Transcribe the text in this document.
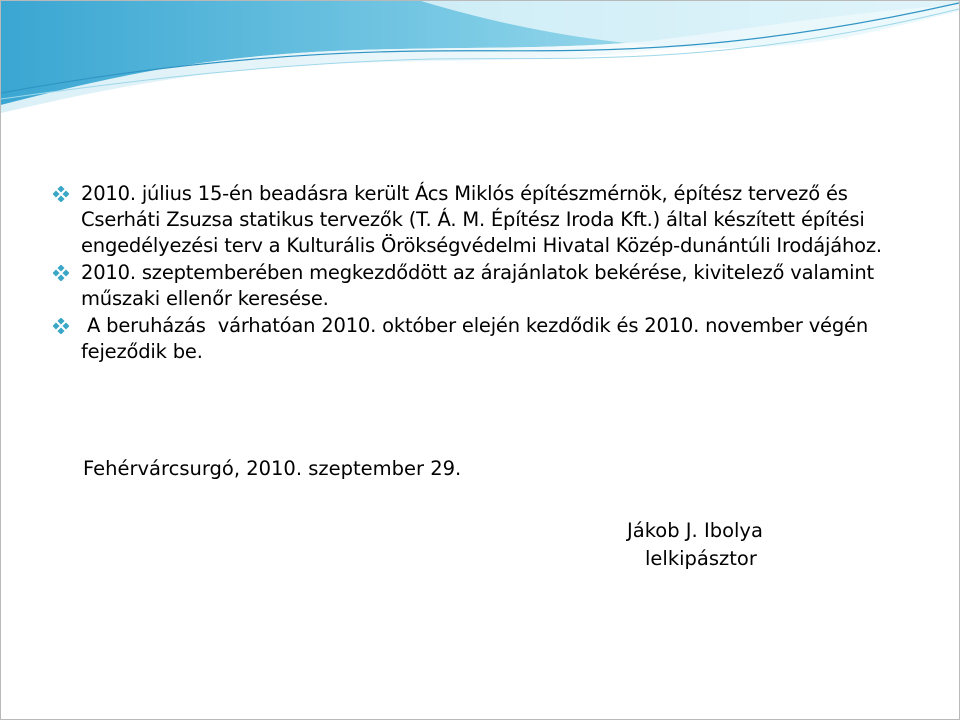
2010. július 15-én beadásra került Ács Miklós építészmérnök, építész tervező és Cserháti Zsuzsa statikus tervezők (T. Á. M. Építész Iroda Kft.) által készített építési engedélyezési terv a Kulturális Örökségvédelmi Hivatal Közép-dunántúli Irodájához.
2010. szeptemberében megkezdődött az árajánlatok bekérése, kivitelező valamint műszaki ellenőr keresése.
A beruházás  várhatóan 2010. október elején kezdődik és 2010. november végén fejeződik be.
Fehérvárcsurgó, 2010. szeptember 29.
Jákob J. Ibolya
lelkipásztor
